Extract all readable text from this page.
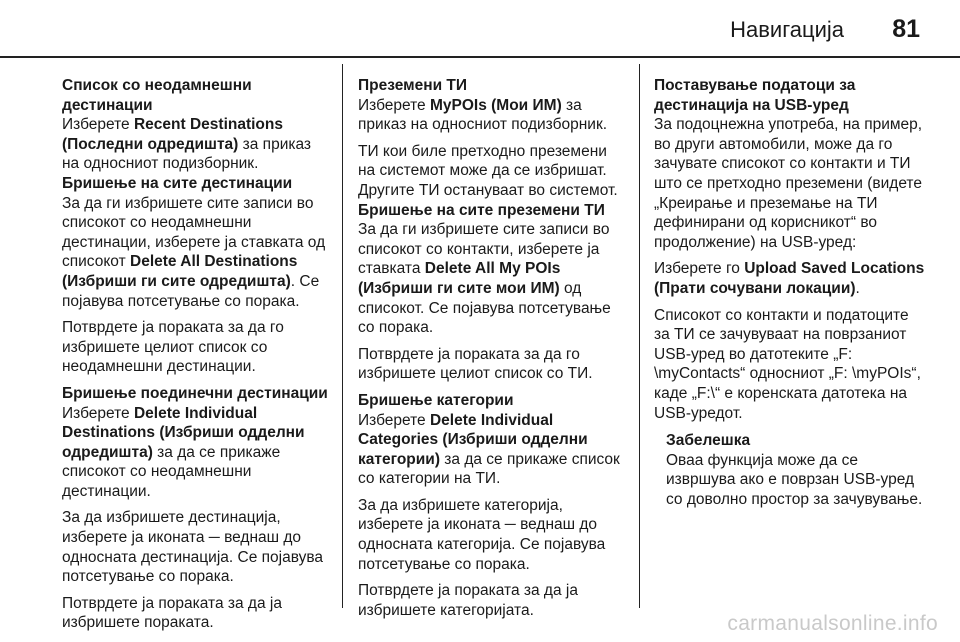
Навигација 81
Список со неодамнешни дестинации

Изберете Recent Destinations (Последни одредишта) за приказ на односниот подизборник.

Бришење на сите дестинации

За да ги избришете сите записи во списокот со неодамнешни дестинации, изберете ја ставката од списокот Delete All Destinations (Избриши ги сите одредишта). Се појавува потсетување со порака.

Потврдете ја пораката за да го избришете целиот список со неодамнешни дестинации.

Бришење поединечни дестинации

Изберете Delete Individual Destinations (Избриши одделни одредишта) за да се прикаже списокот со неодамнешни дестинации.

За да избришете дестинација, изберете ја иконата ─ веднаш до односната дестинација. Се појавува потсетување со порака.

Потврдете ја пораката за да ја избришете пораката.

Преземени ТИ

Изберете MyPOIs (Мои ИМ) за приказ на односниот подизборник.

ТИ кои биле претходно преземени на системот може да се избришат. Другите ТИ остануваат во системот.

Бришење на сите преземени ТИ

За да ги избришете сите записи во списокот со контакти, изберете ја ставката Delete All My POIs (Избриши ги сите мои ИМ) од списокот. Се појавува потсетување со порака.

Потврдете ја пораката за да го избришете целиот список со ТИ.

Бришење категории

Изберете Delete Individual Categories (Избриши одделни категории) за да се прикаже список со категории на ТИ.

За да избришете категорија, изберете ја иконата ─ веднаш до односната категорија. Се појавува потсетување со порака.

Потврдете ја пораката за да ја избришете категоријата.

Поставување податоци за дестинација на USB-уред

За подоцнежна употреба, на пример, во други автомобили, може да го зачувате списокот со контакти и ТИ што се претходно преземени (видете „Креирање и преземање на ТИ дефинирани од корисникот“ во продолжение) на USB-уред:

Изберете го Upload Saved Locations (Прати сочувани локации).

Списокот со контакти и податоците за ТИ се зачувуваат на поврзаниот USB-уред во датотеките „F: \myContacts“ односниот „F: \myPOIs“, каде „F:\“ е коренската датотека на USB-уредот.

Забелешка

Оваа функција може да се извршува ако е поврзан USB-уред со доволно простор за зачувување.

carmanualsonline.info
